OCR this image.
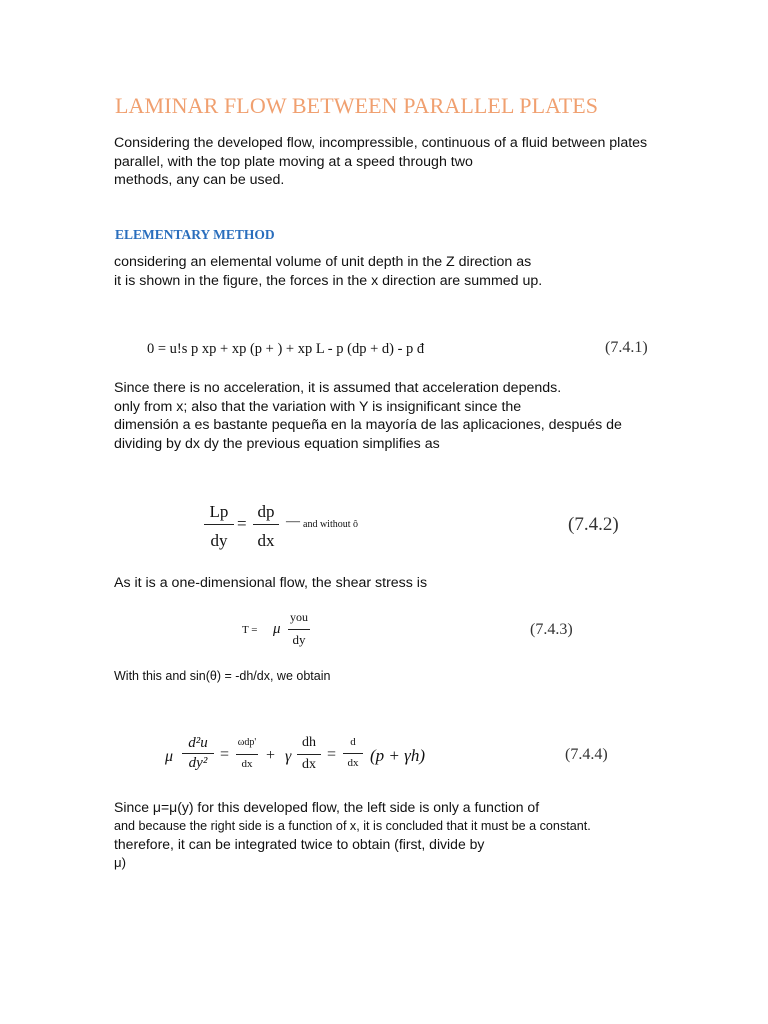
LAMINAR FLOW BETWEEN PARALLEL PLATES
Considering the developed flow, incompressible, continuous of a fluid between plates
parallel, with the top plate moving at a speed through two
methods, any can be used.
ELEMENTARY METHOD
considering an elemental volume of unit depth in the Z direction as
it is shown in the figure, the forces in the x direction are summed up.
0 = u!s p xp + xp (p + ) + xp L - p (dp + d) - p đ	(7.4.1)
Since there is no acceleration, it is assumed that acceleration depends.
only from x; also that the variation with Y is insignificant since the
dimensión a es bastante pequeña en la mayoría de las aplicaciones, después de
dividing by dx dy the previous equation simplifies as
$\frac{Lp}{dy} = \frac{dp}{dx}$ — and without ô	(7.4.2)
As it is a one-dimensional flow, the shear stress is
T = μ
you
dy
(7.4.3)
With this and sin(θ) = -dh/dx, we obtain
μ $\frac{\text{d²u}}{\text{dy²}}$ =
ωdp'
dx + γ $\frac{dh}{dx} = \frac{d}{dx} (p + \gamma h)$	(7.4.4)
Since μ=μ(y) for this developed flow, the left side is only a function of
and because the right side is a function of x, it is concluded that it must be a constant.
therefore, it can be integrated twice to obtain (first, divide by
μ)
